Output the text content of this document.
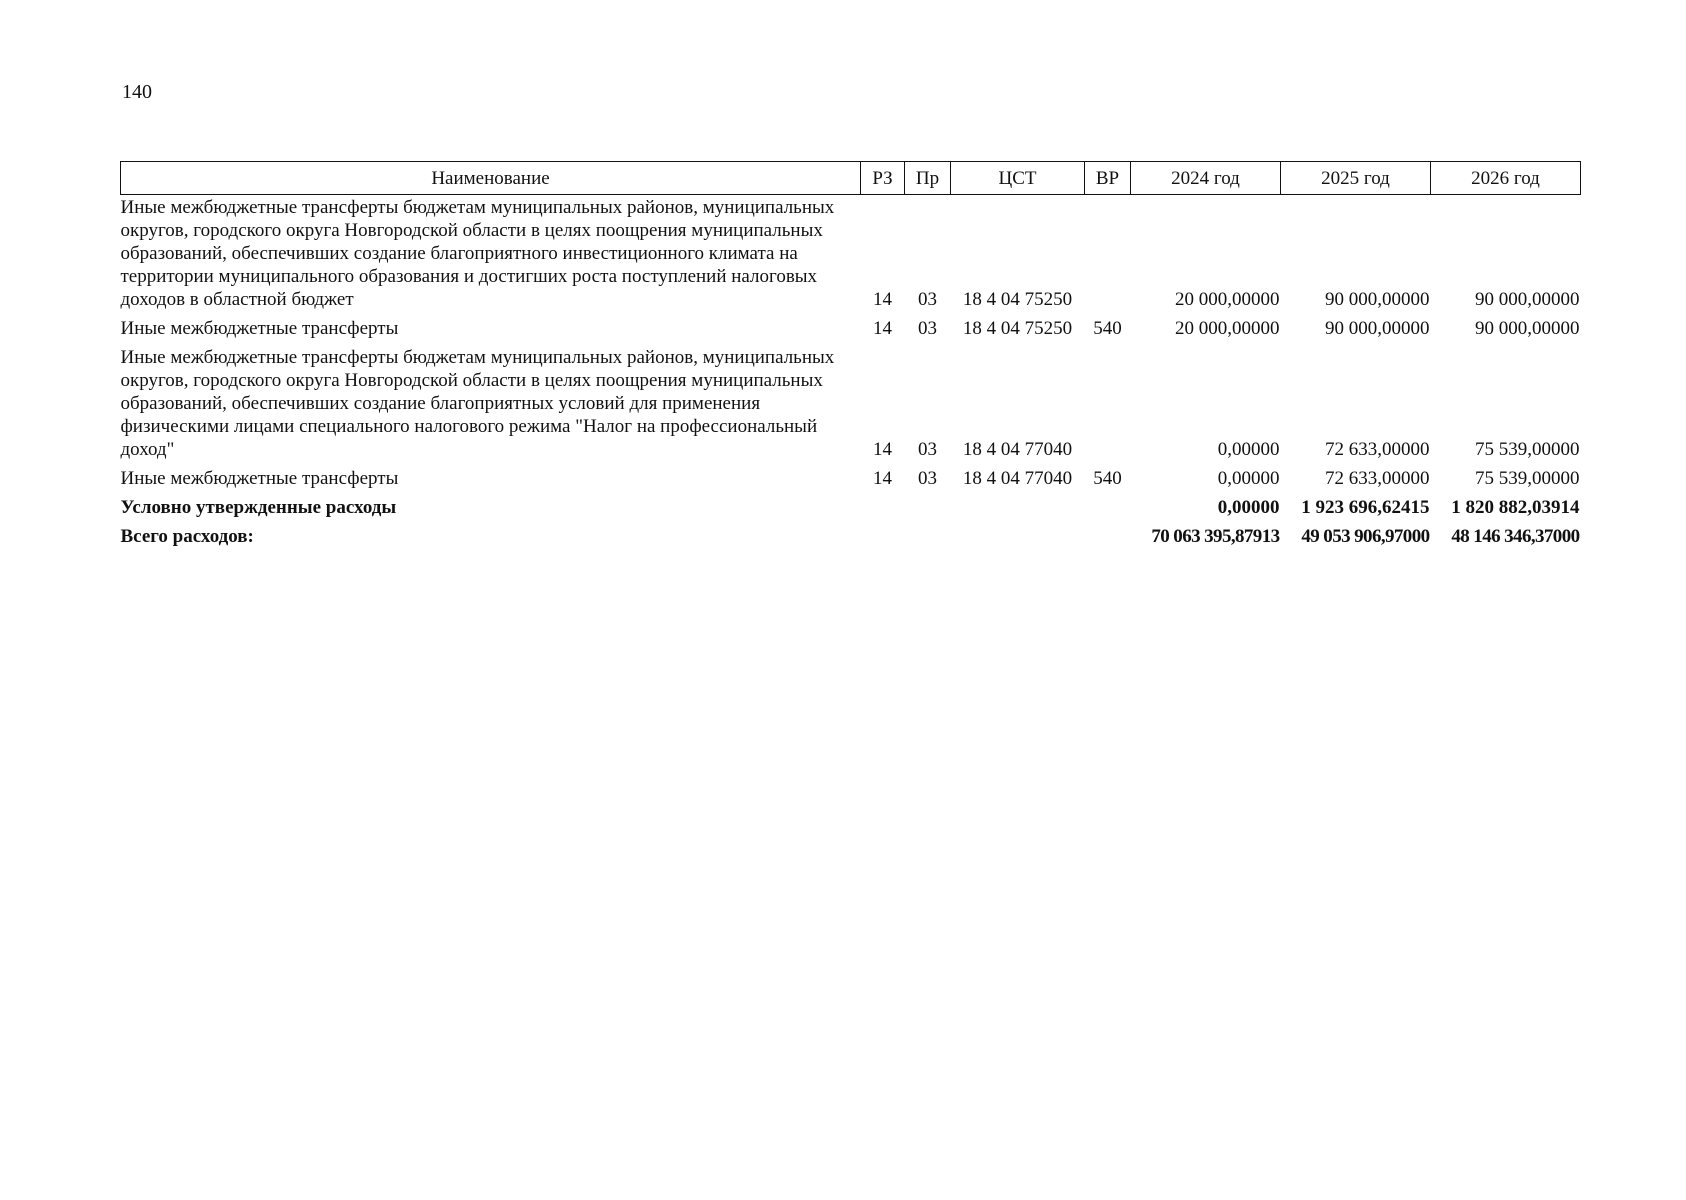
140
Наименование	РЗ	Пр	ЦСТ	ВР	2024 год	2025 год	2026 год
Иные межбюджетные трансферты бюджетам муниципальных районов, муниципальных округов, городского округа Новгородской области в целях поощрения муниципальных образований, обеспечивших создание благоприятного инвестиционного климата на территории муниципального образования и достигших роста поступлений налоговых доходов в областной бюджет	14	03	18 4 04 75250		20 000,00000	90 000,00000	90 000,00000
Иные межбюджетные трансферты	14	03	18 4 04 75250	540	20 000,00000	90 000,00000	90 000,00000
Иные межбюджетные трансферты бюджетам муниципальных районов, муниципальных округов, городского округа Новгородской области в целях поощрения муниципальных образований, обеспечивших создание благоприятных условий для применения физическими лицами специального налогового режима "Налог на профессиональный доход"	14	03	18 4 04 77040		0,00000	72 633,00000	75 539,00000
Иные межбюджетные трансферты	14	03	18 4 04 77040	540	0,00000	72 633,00000	75 539,00000
Условно утвержденные расходы					0,00000	1 923 696,62415	1 820 882,03914
Всего расходов:					70 063 395,87913	49 053 906,97000	48 146 346,37000
